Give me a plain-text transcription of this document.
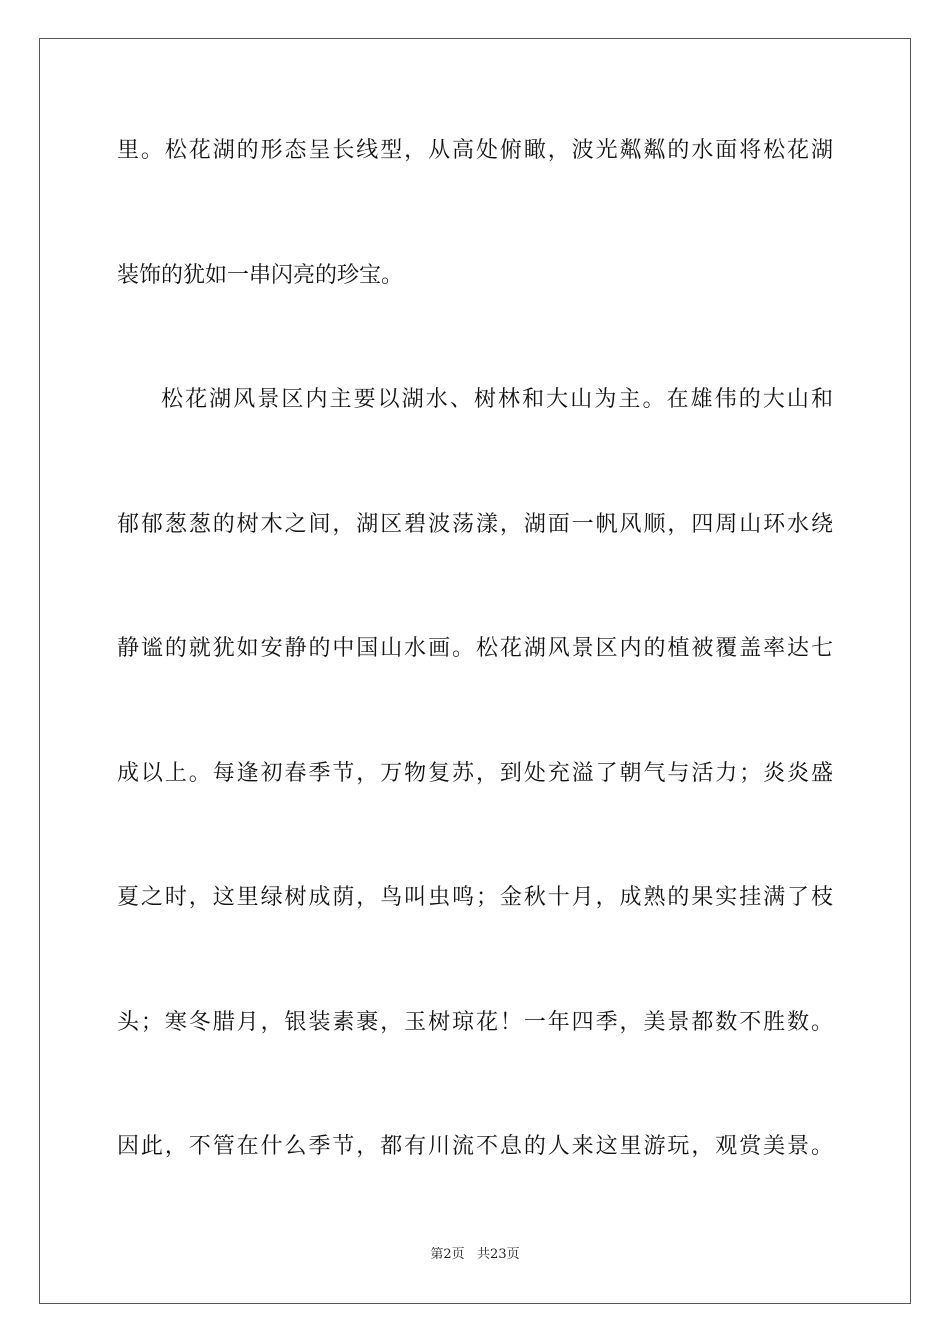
里。松花湖的形态呈长线型，从高处俯瞰，波光粼粼的水面将松花湖
装饰的犹如一串闪亮的珍宝。
松花湖风景区内主要以湖水、树林和大山为主。在雄伟的大山和
郁郁葱葱的树木之间，湖区碧波荡漾，湖面一帆风顺，四周山环水绕
静谧的就犹如安静的中国山水画。松花湖风景区内的植被覆盖率达七
成以上。每逢初春季节，万物复苏，到处充溢了朝气与活力；炎炎盛
夏之时，这里绿树成荫，鸟叫虫鸣；金秋十月，成熟的果实挂满了枝
头；寒冬腊月，银装素裹，玉树琼花！一年四季，美景都数不胜数。
因此，不管在什么季节，都有川流不息的人来这里游玩，观赏美景。
第2页   共23页
